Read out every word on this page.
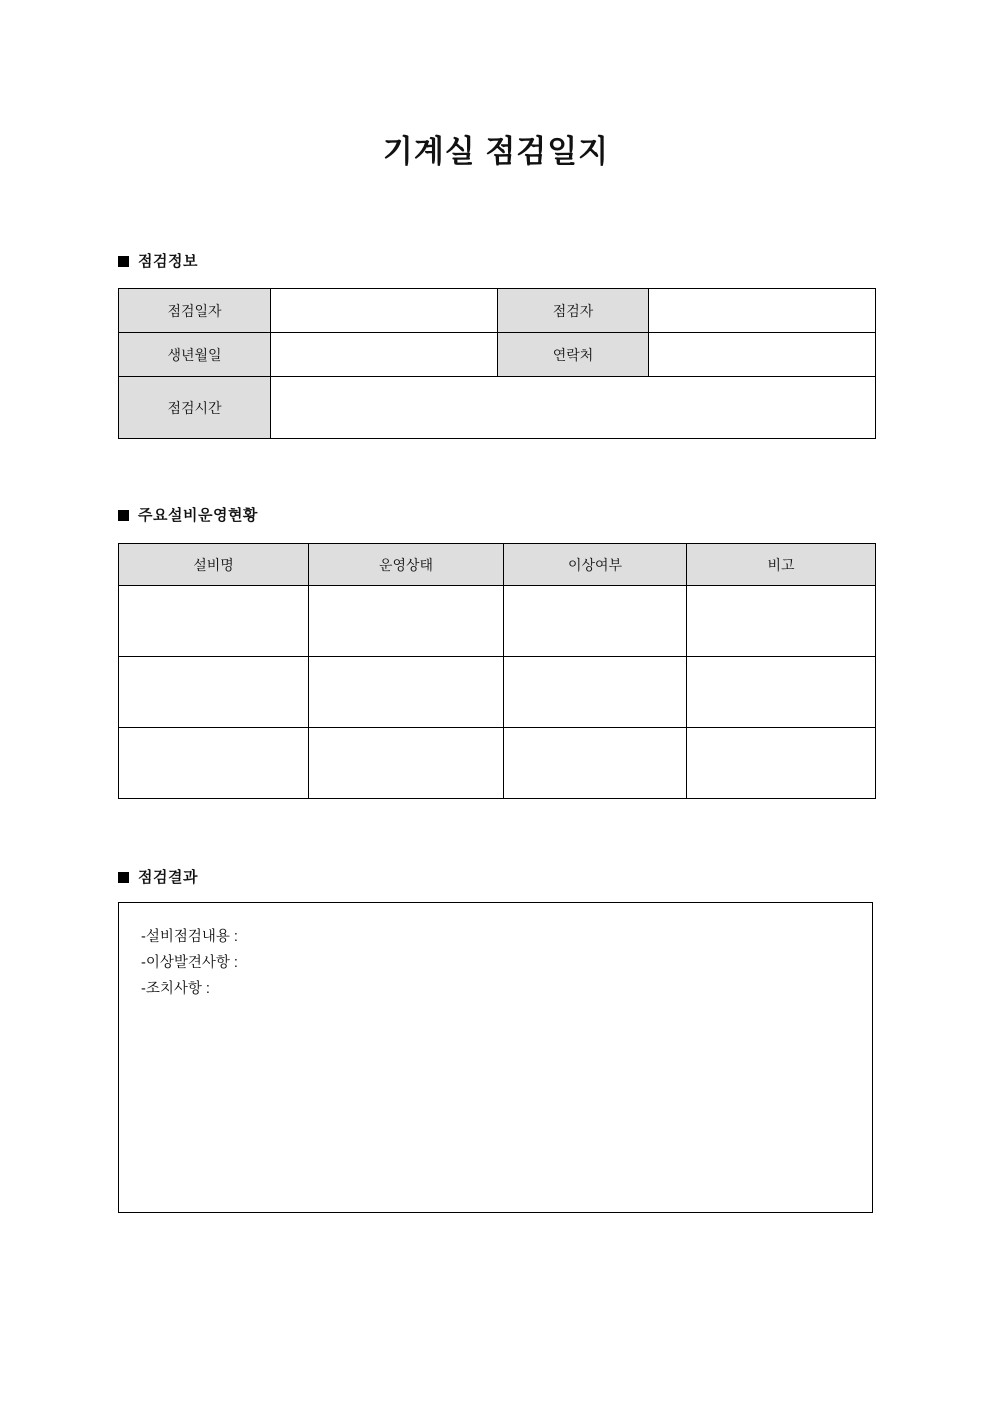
기계실 점검일지
점검정보
점검일자		점검자	
생년월일		연락처	
점검시간			
주요설비운영현황
설비명	운영상태	이상여부	비고

점검결과
-설비점검내용 :
-이상발견사항 :
-조치사항 :
